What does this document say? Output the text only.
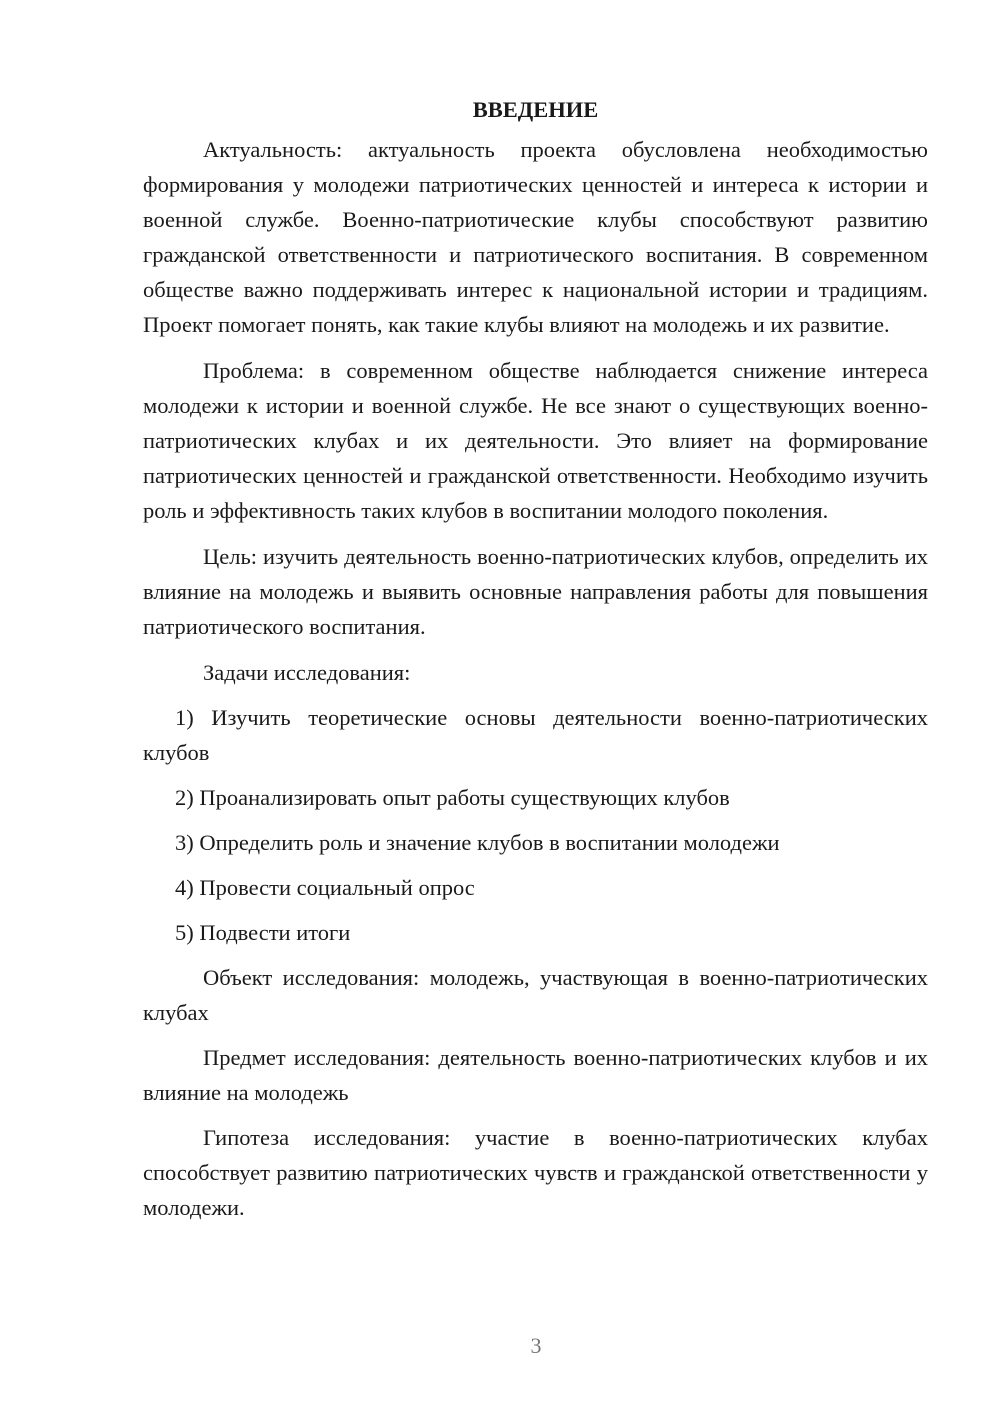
ВВЕДЕНИЕ

Актуальность: актуальность проекта обусловлена необходимостью формирования у молодежи патриотических ценностей и интереса к истории и военной службе. Военно-патриотические клубы способствуют развитию гражданской ответственности и патриотического воспитания. В современном обществе важно поддерживать интерес к национальной истории и традициям. Проект помогает понять, как такие клубы влияют на молодежь и их развитие.

Проблема: в современном обществе наблюдается снижение интереса молодежи к истории и военной службе. Не все знают о существующих военно-патриотических клубах и их деятельности. Это влияет на формирование патриотических ценностей и гражданской ответственности. Необходимо изучить роль и эффективность таких клубов в воспитании молодого поколения.

Цель: изучить деятельность военно-патриотических клубов, определить их влияние на молодежь и выявить основные направления работы для повышения патриотического воспитания.

Задачи исследования:

1) Изучить теоретические основы деятельности военно-патриотических клубов

2) Проанализировать опыт работы существующих клубов

3) Определить роль и значение клубов в воспитании молодежи

4) Провести социальный опрос

5) Подвести итоги

Объект исследования: молодежь, участвующая в военно-патриотических клубах

Предмет исследования: деятельность военно-патриотических клубов и их влияние на молодежь

Гипотеза исследования: участие в военно-патриотических клубах способствует развитию патриотических чувств и гражданской ответственности у молодежи.

3
